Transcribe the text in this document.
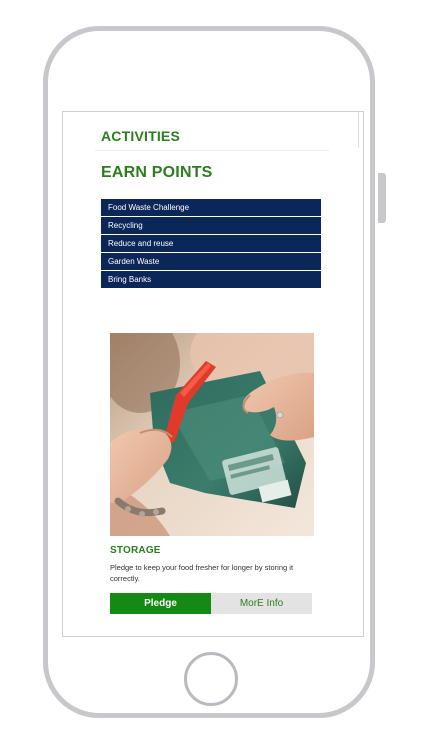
ACTIVITIES
EARN POINTS
Food Waste Challenge
Recycling
Reduce and reuse
Garden Waste
Bring Banks
STORAGE

Pledge to keep your food fresher for longer by storing it correctly.

Pledge	MorE Info
